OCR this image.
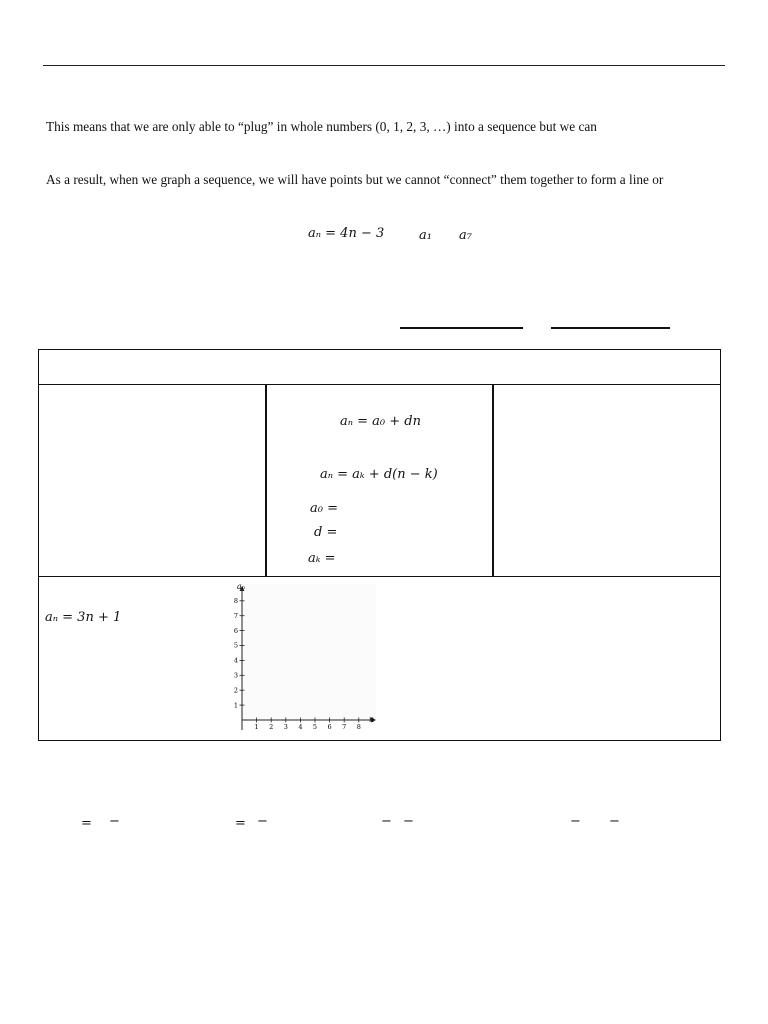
This means that we are only able to “plug” in whole numbers (0, 1, 2, 3, …) into a sequence but we can
As a result, when we graph a sequence, we will have points but we cannot “connect” them together to form a line or
aₙ = 4n − 3	a₁ a₇
aₙ = a₀ + dn
aₙ = aₖ + d(n − k)
a₀ =
d =
aₖ =
aₙ = 3n + 1
1 2 3 4 5 6 7 8
1
2
3
4
5
6
7
8
aₙ
n
= −	= −	− −	− −
